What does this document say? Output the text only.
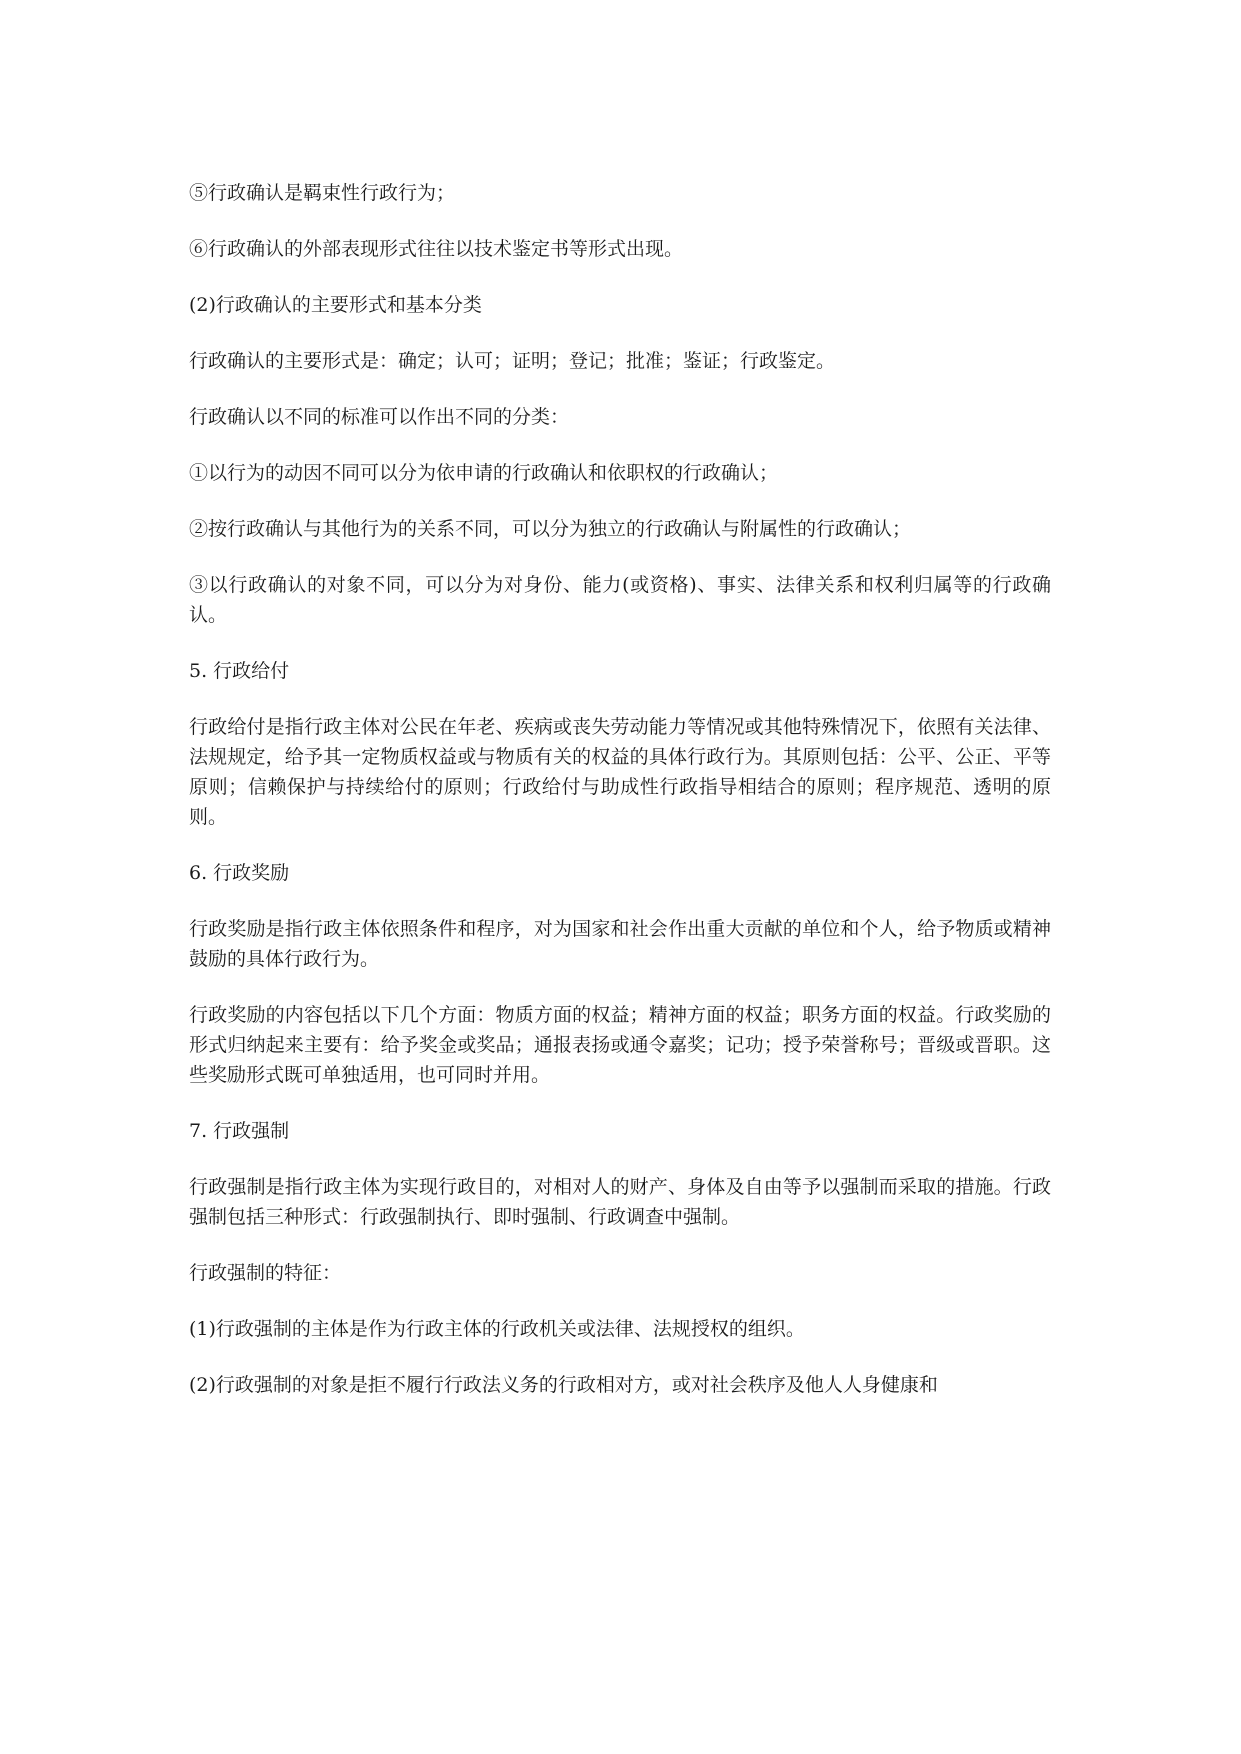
⑤行政确认是羁束性行政行为；

⑥行政确认的外部表现形式往往以技术鉴定书等形式出现。

(2)行政确认的主要形式和基本分类

行政确认的主要形式是：确定；认可；证明；登记；批准；鉴证；行政鉴定。

行政确认以不同的标准可以作出不同的分类：

①以行为的动因不同可以分为依申请的行政确认和依职权的行政确认；

②按行政确认与其他行为的关系不同，可以分为独立的行政确认与附属性的行政确认；

③以行政确认的对象不同，可以分为对身份、能力(或资格)、事实、法律关系和权利归属等的行政确认。

5. 行政给付

行政给付是指行政主体对公民在年老、疾病或丧失劳动能力等情况或其他特殊情况下，依照有关法律、法规规定，给予其一定物质权益或与物质有关的权益的具体行政行为。其原则包括：公平、公正、平等原则；信赖保护与持续给付的原则；行政给付与助成性行政指导相结合的原则；程序规范、透明的原则。

6. 行政奖励

行政奖励是指行政主体依照条件和程序，对为国家和社会作出重大贡献的单位和个人，给予物质或精神鼓励的具体行政行为。

行政奖励的内容包括以下几个方面：物质方面的权益；精神方面的权益；职务方面的权益。行政奖励的形式归纳起来主要有：给予奖金或奖品；通报表扬或通令嘉奖；记功；授予荣誉称号；晋级或晋职。这些奖励形式既可单独适用，也可同时并用。

7. 行政强制

行政强制是指行政主体为实现行政目的，对相对人的财产、身体及自由等予以强制而采取的措施。行政强制包括三种形式：行政强制执行、即时强制、行政调查中强制。

行政强制的特征：

(1)行政强制的主体是作为行政主体的行政机关或法律、法规授权的组织。

(2)行政强制的对象是拒不履行行政法义务的行政相对方，或对社会秩序及他人人身健康和
